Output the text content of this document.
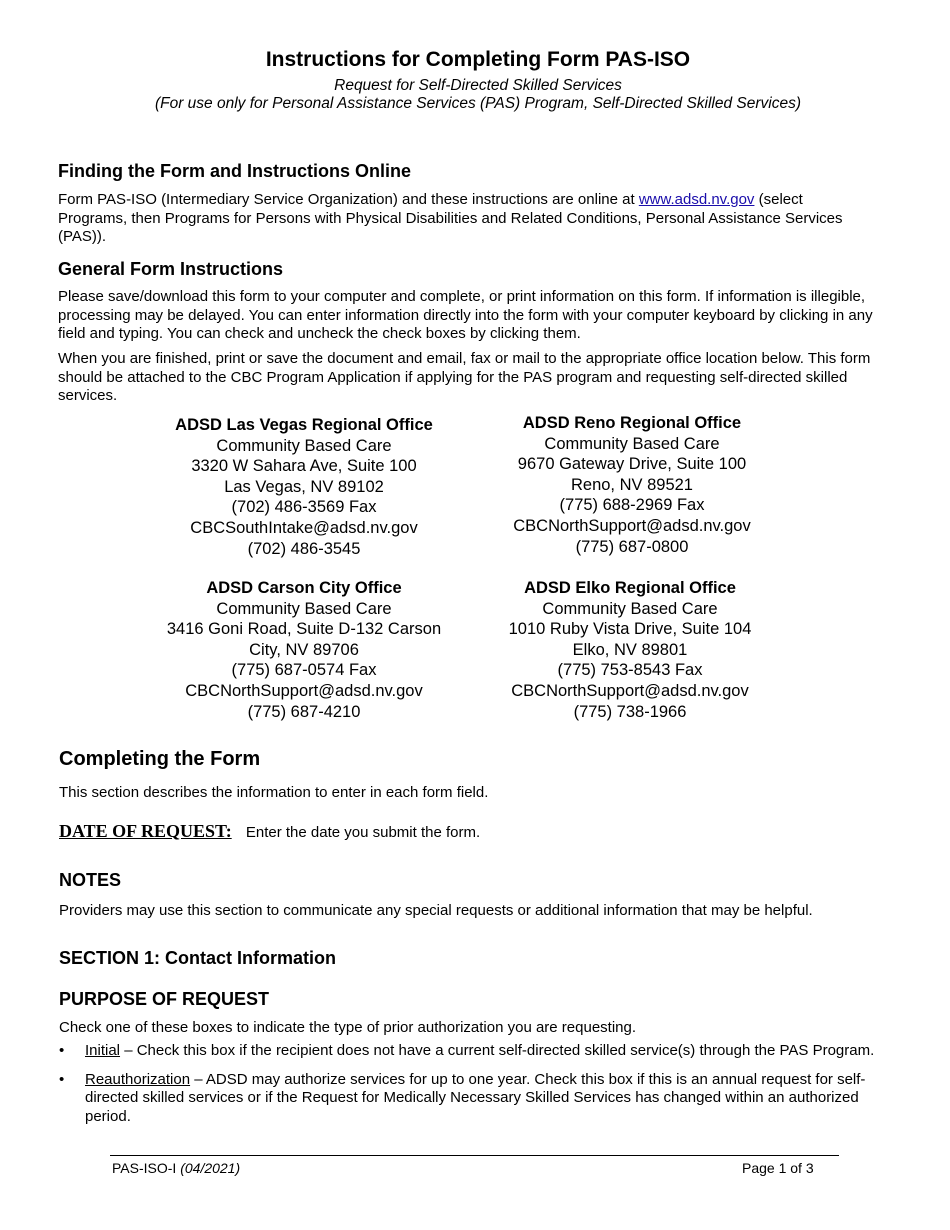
Instructions for Completing Form PAS-ISO

Request for Self-Directed Skilled Services

(For use only for Personal Assistance Services (PAS) Program, Self-Directed Skilled Services)

Finding the Form and Instructions Online

Form PAS-ISO (Intermediary Service Organization) and these instructions are online at www.adsd.nv.gov (select Programs, then Programs for Persons with Physical Disabilities and Related Conditions, Personal Assistance Services (PAS)).

General Form Instructions

Please save/download this form to your computer and complete, or print information on this form. If information is illegible, processing may be delayed. You can enter information directly into the form with your computer keyboard by clicking in any field and typing. You can check and uncheck the check boxes by clicking them.

When you are finished, print or save the document and email, fax or mail to the appropriate office location below. This form should be attached to the CBC Program Application if applying for the PAS program and requesting self-directed skilled services.

ADSD Las Vegas Regional Office
Community Based Care
3320 W Sahara Ave, Suite 100
Las Vegas, NV 89102
(702) 486-3569 Fax
CBCSouthIntake@adsd.nv.gov
(702) 486-3545
ADSD Reno Regional Office
Community Based Care
9670 Gateway Drive, Suite 100
Reno, NV 89521
(775) 688-2969 Fax
CBCNorthSupport@adsd.nv.gov
(775) 687-0800
ADSD Carson City Office
Community Based Care
3416 Goni Road, Suite D-132 Carson
City, NV 89706
(775) 687-0574 Fax
CBCNorthSupport@adsd.nv.gov
(775) 687-4210
ADSD Elko Regional Office
Community Based Care
1010 Ruby Vista Drive, Suite 104
Elko, NV 89801
(775) 753-8543 Fax
CBCNorthSupport@adsd.nv.gov
(775) 738-1966
Completing the Form

This section describes the information to enter in each form field.

DATE OF REQUEST: Enter the date you submit the form.
NOTES

Providers may use this section to communicate any special requests or additional information that may be helpful.

SECTION 1: Contact Information
PURPOSE OF REQUEST

Check one of these boxes to indicate the type of prior authorization you are requesting.

• Initial – Check this box if the recipient does not have a current self-directed skilled service(s) through the PAS Program.
• Reauthorization – ADSD may authorize services for up to one year. Check this box if this is an annual request for self-directed skilled services or if the Request for Medically Necessary Skilled Services has changed within an authorized period.
PAS-ISO-I (04/2021)	Page 1 of 3
